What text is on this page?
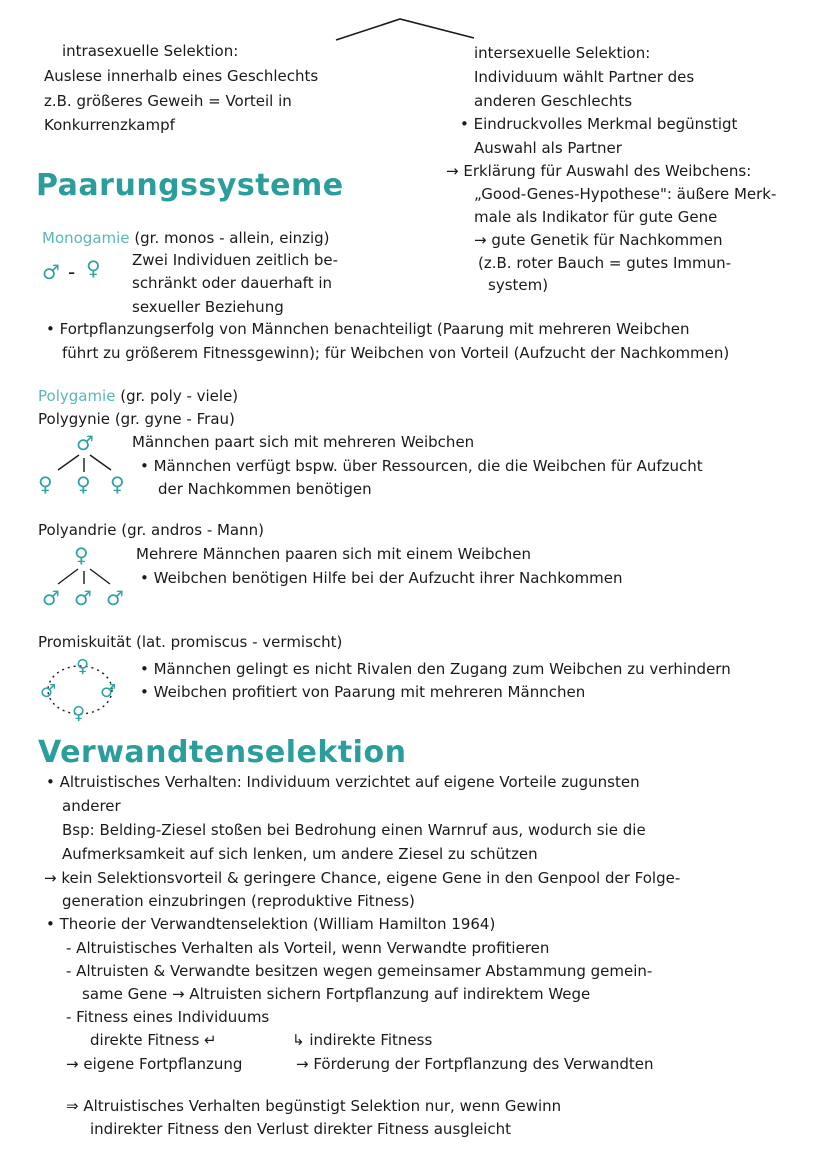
intrasexuelle Selektion:
Auslese innerhalb eines Geschlechts
z.B. größeres Geweih = Vorteil in
Konkurrenzkampf
intersexuelle Selektion:
Individuum wählt Partner des
anderen Geschlechts
• Eindruckvolles Merkmal begünstigt
Auswahl als Partner
→ Erklärung für Auswahl des Weibchens:
„Good-Genes-Hypothese": äußere Merk-
male als Indikator für gute Gene
→ gute Genetik für Nachkommen
(z.B. roter Bauch = gutes Immun-
system)
Paarungssysteme
Monogamie (gr. monos - allein, einzig)
♂ - ♀ Zwei Individuen zeitlich be-
schränkt oder dauerhaft in
sexueller Beziehung
• Fortpflanzungserfolg von Männchen benachteiligt (Paarung mit mehreren Weibchen
führt zu größerem Fitnessgewinn); für Weibchen von Vorteil (Aufzucht der Nachkommen)
Polygamie (gr. poly - viele)
Polygynie (gr. gyne - Frau)
♂
♀ ♀ ♀
Männchen paart sich mit mehreren Weibchen
• Männchen verfügt bspw. über Ressourcen, die die Weibchen für Aufzucht
der Nachkommen benötigen
Polyandrie (gr. andros - Mann)
♀
♂ ♂ ♂
Mehrere Männchen paaren sich mit einem Weibchen
• Weibchen benötigen Hilfe bei der Aufzucht ihrer Nachkommen
Promiskuität (lat. promiscus - vermischt)
♀
♂ ♂
♀
• Männchen gelingt es nicht Rivalen den Zugang zum Weibchen zu verhindern
• Weibchen profitiert von Paarung mit mehreren Männchen
Verwandtenselektion
• Altruistisches Verhalten: Individuum verzichtet auf eigene Vorteile zugunsten
anderer
Bsp: Belding-Ziesel stoßen bei Bedrohung einen Warnruf aus, wodurch sie die
Aufmerksamkeit auf sich lenken, um andere Ziesel zu schützen
→ kein Selektionsvorteil & geringere Chance, eigene Gene in den Genpool der Folge-
generation einzubringen (reproduktive Fitness)
• Theorie der Verwandtenselektion (William Hamilton 1964)
- Altruistisches Verhalten als Vorteil, wenn Verwandte profitieren
- Altruisten & Verwandte besitzen wegen gemeinsamer Abstammung gemein-
same Gene → Altruisten sichern Fortpflanzung auf indirektem Wege
- Fitness eines Individuums
direkte Fitness ↵	↳ indirekte Fitness
→ eigene Fortpflanzung	→ Förderung der Fortpflanzung des Verwandten
⇒ Altruistisches Verhalten begünstigt Selektion nur, wenn Gewinn
indirekter Fitness den Verlust direkter Fitness ausgleicht
